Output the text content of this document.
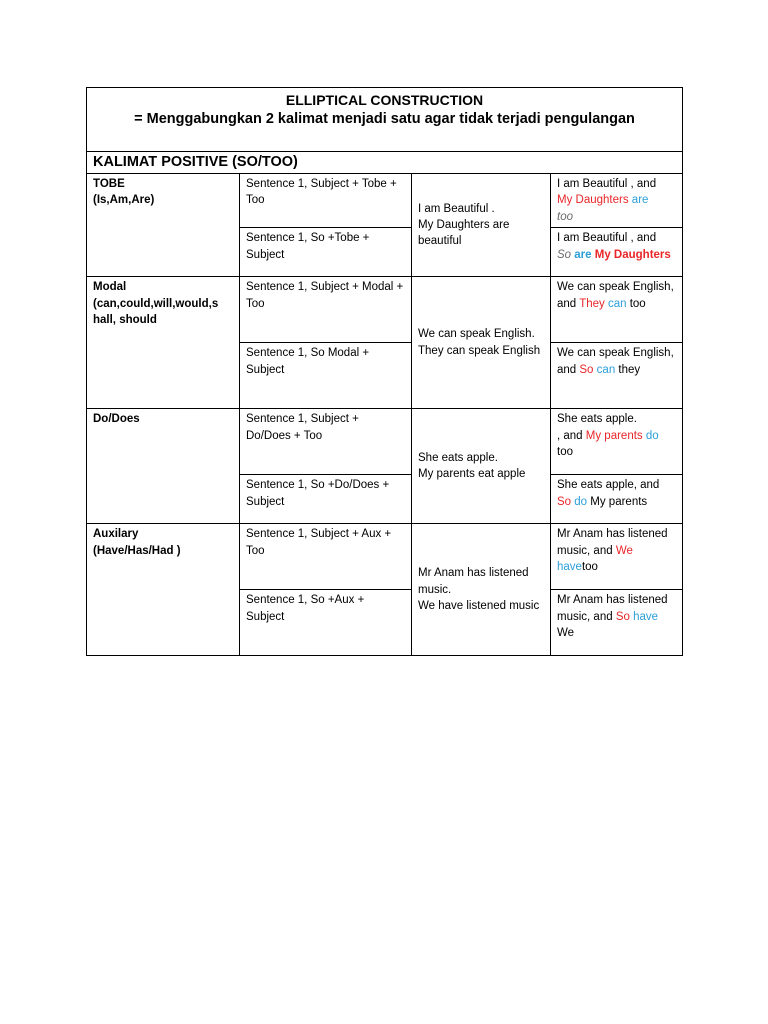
ELLIPTICAL CONSTRUCTION
= Menggabungkan 2 kalimat menjadi satu agar tidak terjadi pengulangan			

KALIMAT POSITIVE (SO/TOO)			

TOBE
(Is,Am,Are)	Sentence 1, Subject + Tobe + Too	I am Beautiful .
My Daughters are beautiful	I am Beautiful , and
My Daughters are
too

	Sentence 1, So +Tobe + Subject		I am Beautiful , and
So are My Daughters

Modal
(can,could,will,would,s
hall, should	Sentence 1, Subject + Modal + Too	We can speak English.
They can speak English	We can speak English, and They can too
	Sentence 1, So Modal + Subject		We can speak English, and So can they

Do/Does	Sentence 1, Subject + Do/Does + Too	She eats apple.
My parents eat apple	She eats apple.
, and My parents do
too

	Sentence 1, So +Do/Does + Subject		She eats apple, and
So do My parents

Auxilary
(Have/Has/Had )	Sentence 1, Subject + Aux + Too	Mr Anam has listened music.
We have listened music	Mr Anam has listened music, and We havetoo
	Sentence 1, So +Aux + Subject		Mr Anam has listened music, and So have We
